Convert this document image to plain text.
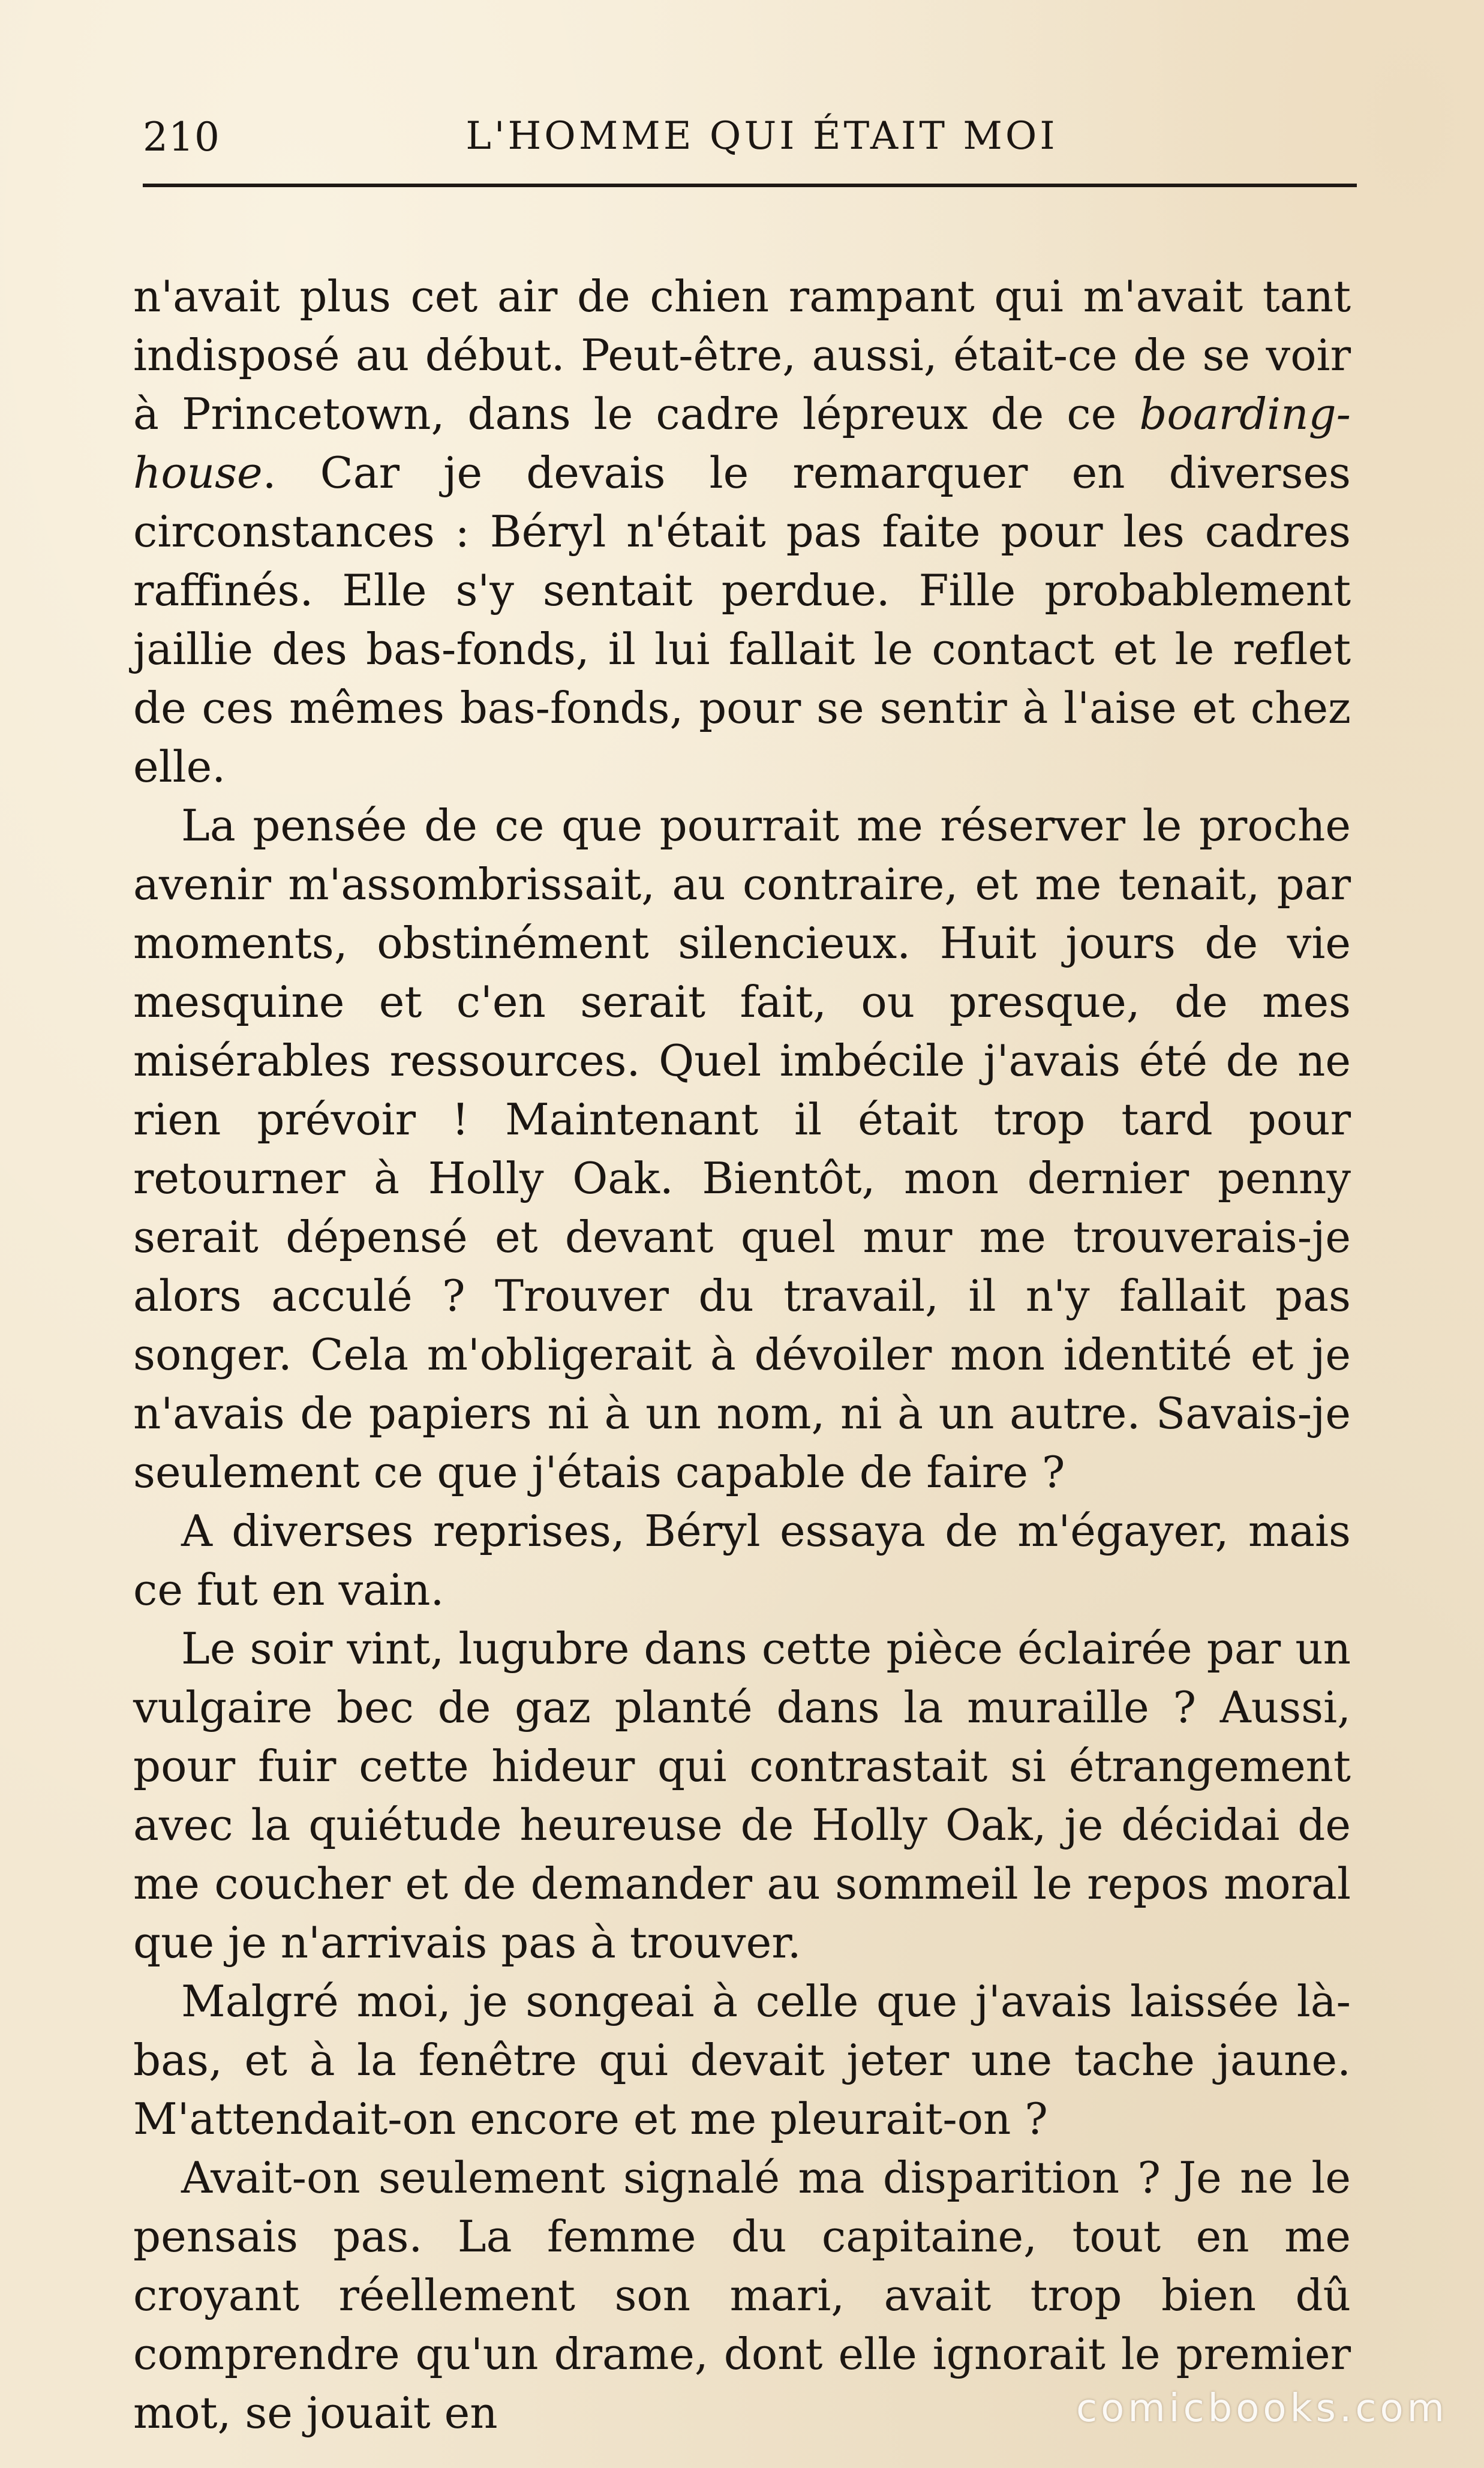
210	L'HOMME QUI ÉTAIT MOI

n'avait plus cet air de chien rampant qui m'avait tant indisposé au début. Peut-être, aussi, était-ce de se voir à Princetown, dans le cadre lépreux de ce boarding-house. Car je devais le remarquer en diverses circonstances : Béryl n'était pas faite pour les cadres raffinés. Elle s'y sentait perdue. Fille probablement jaillie des bas-fonds, il lui fallait le contact et le reflet de ces mêmes bas-fonds, pour se sentir à l'aise et chez elle.

La pensée de ce que pourrait me réserver le proche avenir m'assombrissait, au contraire, et me tenait, par moments, obstinément silencieux. Huit jours de vie mesquine et c'en serait fait, ou presque, de mes misérables ressources. Quel imbécile j'avais été de ne rien prévoir ! Maintenant il était trop tard pour retourner à Holly Oak. Bientôt, mon dernier penny serait dépensé et devant quel mur me trouverais-je alors acculé ? Trouver du travail, il n'y fallait pas songer. Cela m'obligerait à dévoiler mon identité et je n'avais de papiers ni à un nom, ni à un autre. Savais-je seulement ce que j'étais capable de faire ?

A diverses reprises, Béryl essaya de m'égayer, mais ce fut en vain.

Le soir vint, lugubre dans cette pièce éclairée par un vulgaire bec de gaz planté dans la muraille ? Aussi, pour fuir cette hideur qui contrastait si étrangement avec la quiétude heureuse de Holly Oak, je décidai de me coucher et de demander au sommeil le repos moral que je n'arrivais pas à trouver.

Malgré moi, je songeai à celle que j'avais laissée là-bas, et à la fenêtre qui devait jeter une tache jaune. M'attendait-on encore et me pleurait-on ?

Avait-on seulement signalé ma disparition ? Je ne le pensais pas. La femme du capitaine, tout en me croyant réellement son mari, avait trop bien dû comprendre qu'un drame, dont elle ignorait le premier mot, se jouait en	comicbooks.com
